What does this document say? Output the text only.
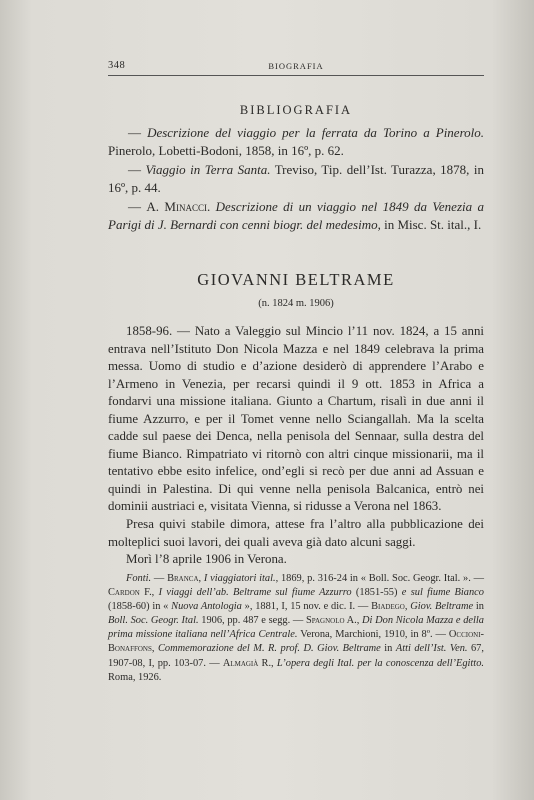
348	BIOGRAFIA
BIBLIOGRAFIA

— Descrizione del viaggio per la ferrata da Torino a Pinerolo. Pinerolo, Lobetti-Bodoni, 1858, in 16º, p. 62.

— Viaggio in Terra Santa. Treviso, Tip. dell’Ist. Turazza, 1878, in 16º, p. 44.

— A. Minacci. Descrizione di un viaggio nel 1849 da Venezia a Parigi di J. Bernardi con cenni biogr. del medesimo, in Misc. St. ital., I.

GIOVANNI BELTRAME
(n. 1824 m. 1906)

1858-96. — Nato a Valeggio sul Mincio l’11 nov. 1824, a 15 anni entrava nell’Istituto Don Nicola Mazza e nel 1849 celebrava la prima messa. Uomo di studio e d’azione desiderò di apprendere l’Arabo e l’Armeno in Venezia, per recarsi quindi il 9 ott. 1853 in Africa a fondarvi una missione italiana. Giunto a Chartum, risalì in due anni il fiume Azzurro, e per il Tomet venne nello Sciangallah. Ma la scelta cadde sul paese dei Denca, nella penisola del Sennaar, sulla destra del fiume Bianco. Rimpatriato vi ritornò con altri cinque missionarii, ma il tentativo ebbe esito infelice, ond’egli si recò per due anni ad Assuan e quindi in Palestina. Di qui venne nella penisola Balcanica, entrò nei dominii austriaci e, visitata Vienna, si ridusse a Verona nel 1863.

Presa quivi stabile dimora, attese fra l’altro alla pubblicazione dei molteplici suoi lavori, dei quali aveva già dato alcuni saggi.

Morì l’8 aprile 1906 in Verona.

Fonti. — Branca, I viaggiatori ital., 1869, p. 316-24 in « Boll. Soc. Geogr. Ital. ». — Cardon F., I viaggi dell’ab. Beltrame sul fiume Azzurro (1851-55) e sul fiume Bianco (1858-60) in « Nuova Antologia », 1881, I, 15 nov. e dic. I. — Biadego, Giov. Beltrame in Boll. Soc. Geogr. Ital. 1906, pp. 487 e segg. — Spagnolo A., Di Don Nicola Mazza e della prima missione italiana nell’Africa Centrale. Verona, Marchioni, 1910, in 8º. — Occioni-Bonaffons, Commemorazione del M. R. prof. D. Giov. Beltrame in Atti dell’Ist. Ven. 67, 1907-08, I, pp. 103-07. — Almagià R., L’opera degli Ital. per la conoscenza dell’Egitto. Roma, 1926.
